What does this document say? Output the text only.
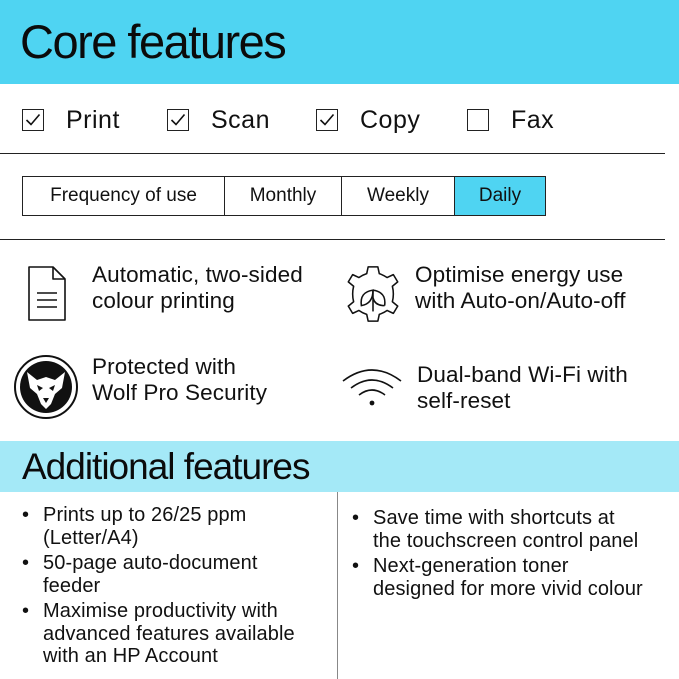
Core features
Print	Scan	Copy	Fax
Frequency of use	Monthly	Weekly	Daily
Automatic, two-sided
colour printing
Optimise energy use
with Auto-on/Auto-off
Protected with
Wolf Pro Security
Dual-band Wi-Fi with
self-reset
Additional features
• Prints up to 26/25 ppm
(Letter/A4)
• 50-page auto-document
feeder
• Maximise productivity with
advanced features available
with an HP Account
• Save time with shortcuts at
the touchscreen control panel
• Next-generation toner
designed for more vivid colour
